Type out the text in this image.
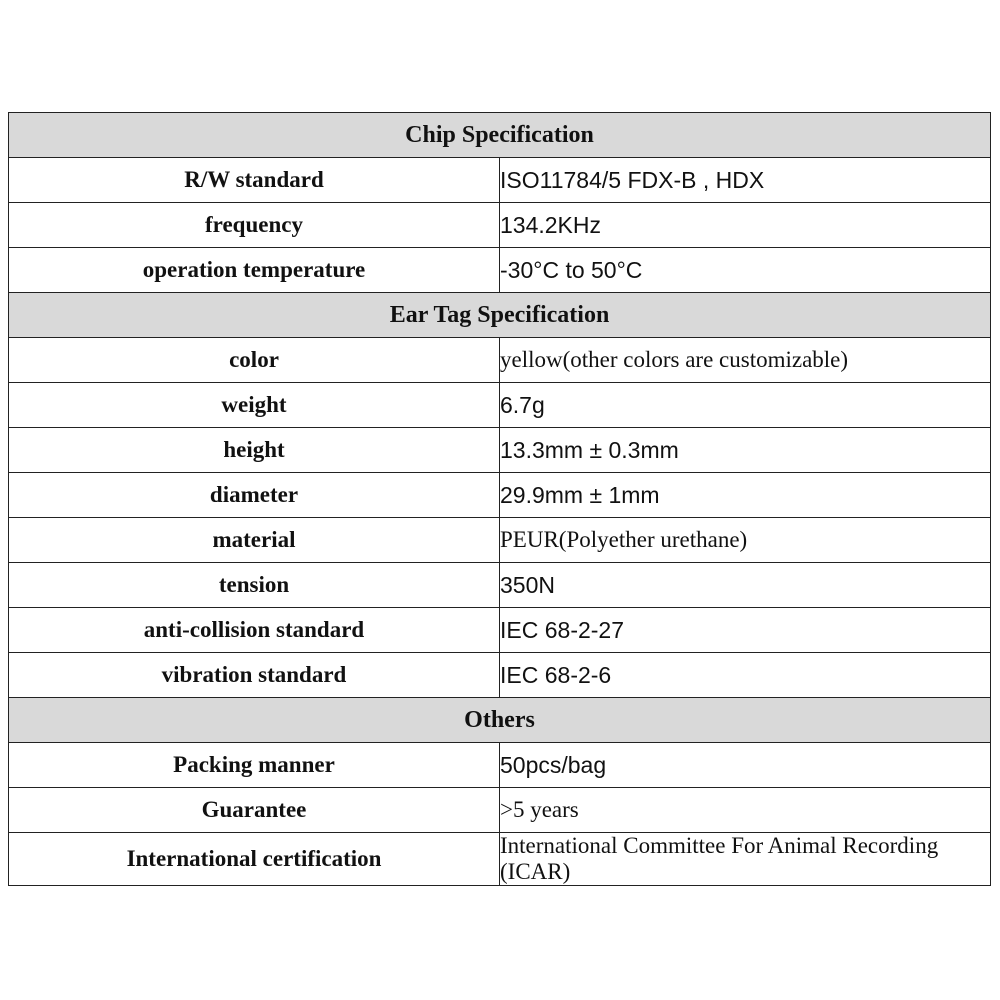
Chip Specification	
R/W standard	ISO11784/5 FDX-B , HDX
frequency	134.2KHz
operation temperature	-30°C to 50°C
Ear Tag Specification	
color	yellow(other colors are customizable)
weight	6.7g
height	13.3mm ± 0.3mm
diameter	29.9mm ± 1mm
material	PEUR(Polyether urethane)
tension	350N
anti-collision standard	IEC 68-2-27
vibration standard	IEC 68-2-6
Others	
Packing manner	50pcs/bag
Guarantee	>5 years
International certification	International Committee For Animal Recording (ICAR)
